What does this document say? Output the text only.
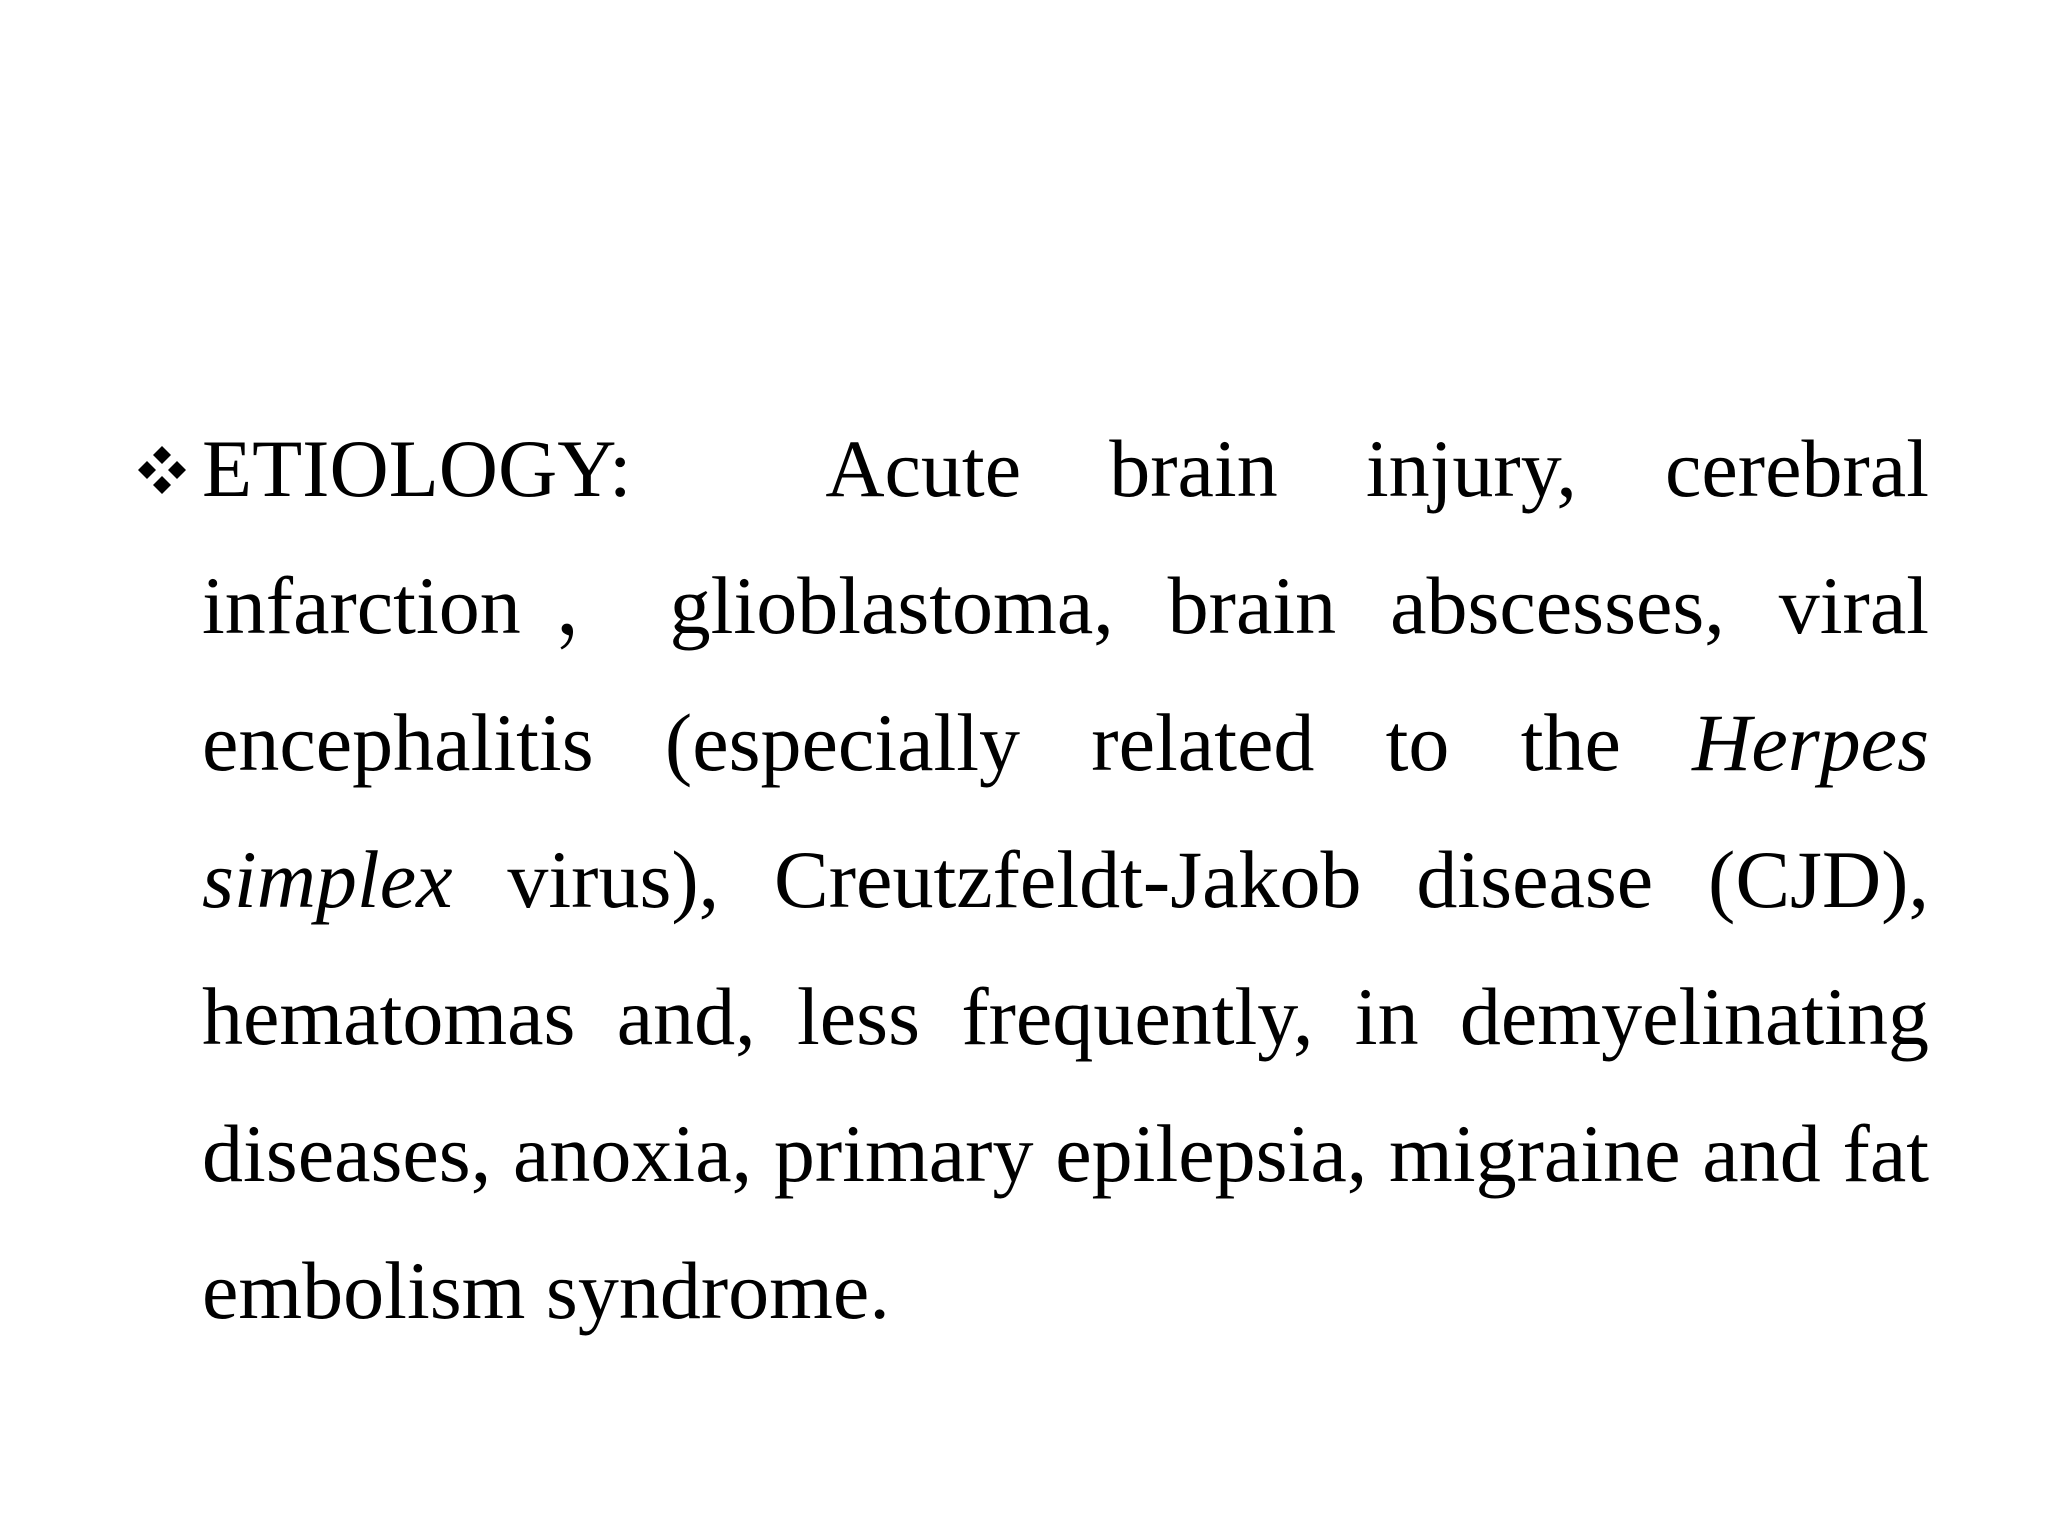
ETIOLOGY: Acute brain injury, cerebral infarction，glioblastoma, brain abscesses, viral encephalitis (especially related to the Herpes simplex virus), Creutzfeldt-Jakob disease (CJD), hematomas and, less frequently, in demyelinating diseases, anoxia, primary epilepsia, migraine and fat embolism syndrome.
